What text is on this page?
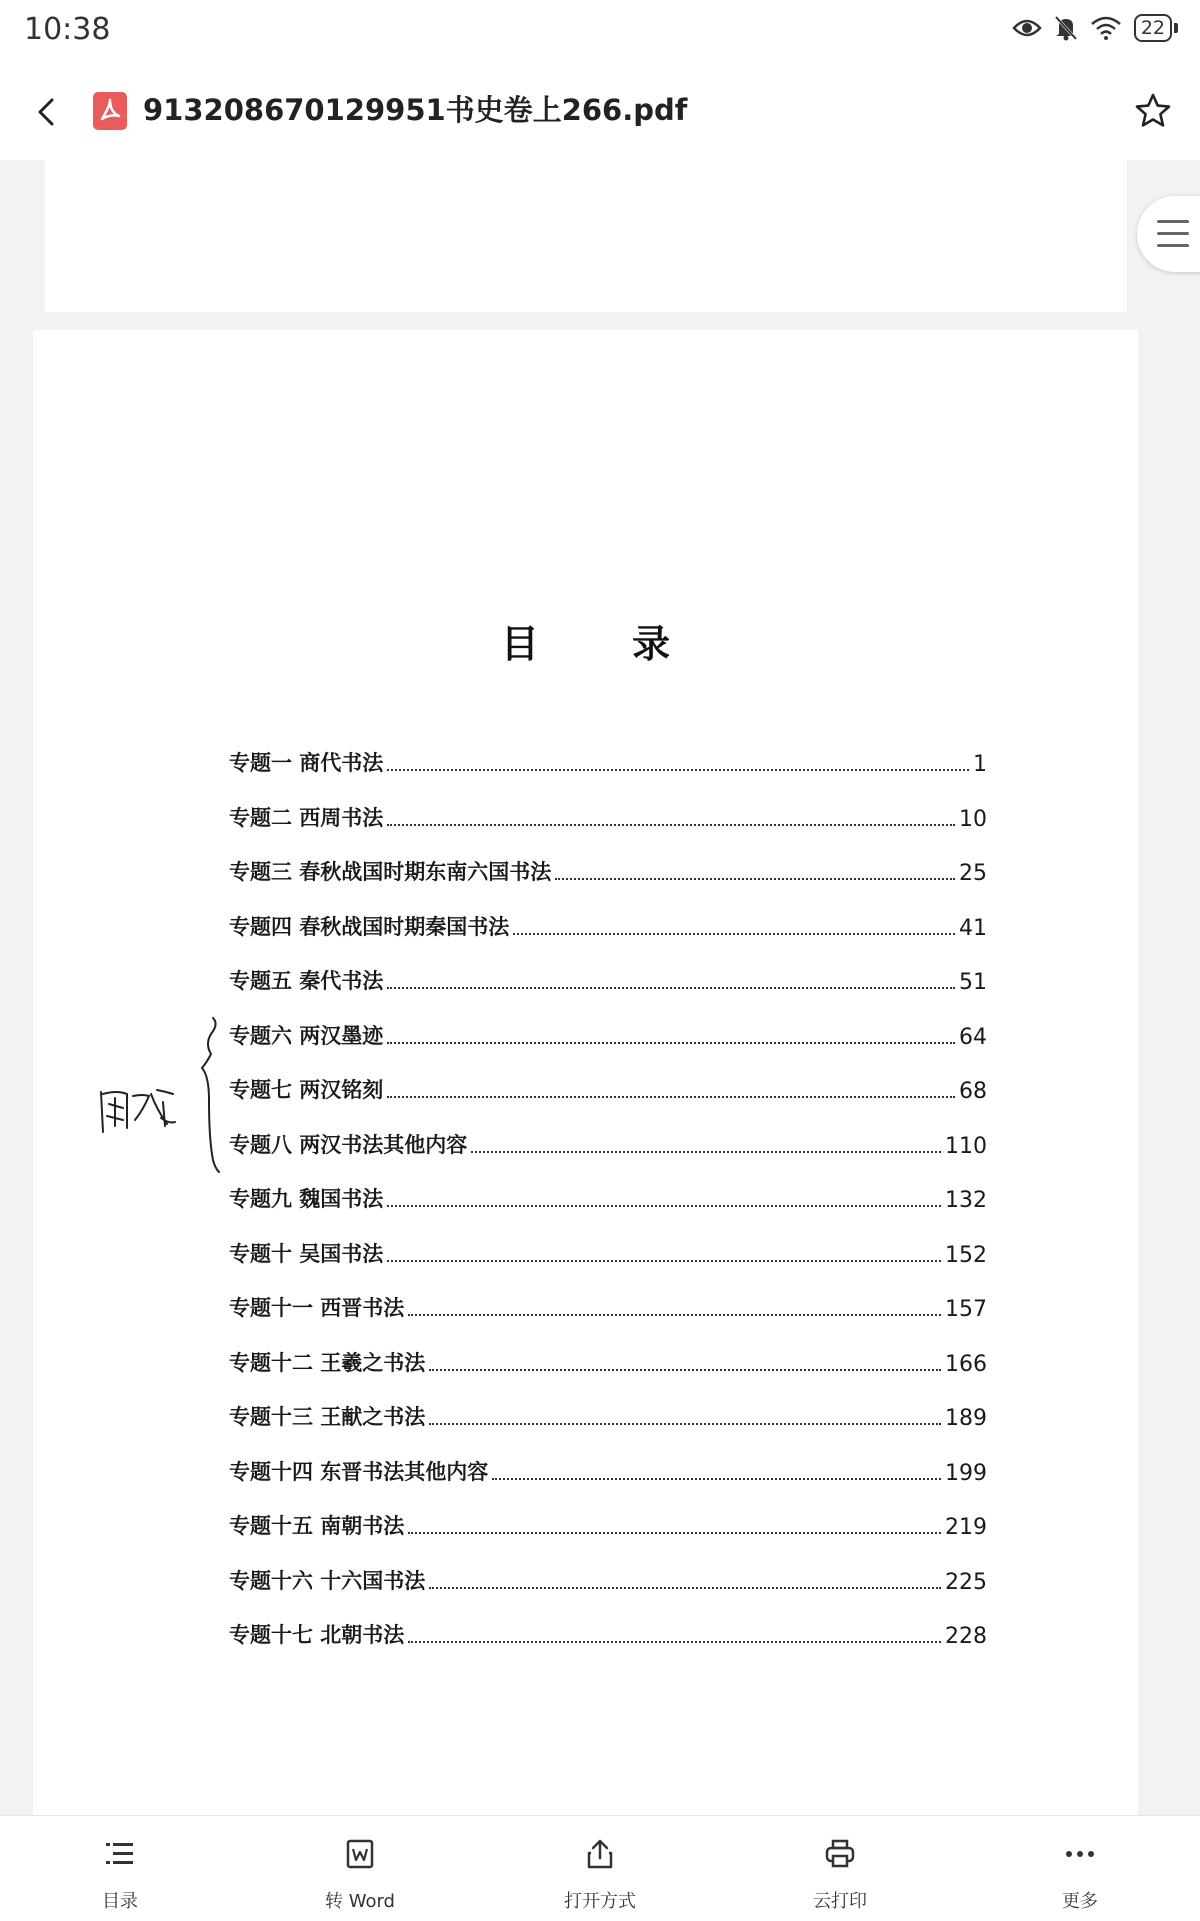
10:38	22
913208670129951书史卷上266.pdf
目 录
专题一 商代书法	1
专题二 西周书法	10
专题三 春秋战国时期东南六国书法	25
专题四 春秋战国时期秦国书法	41
专题五 秦代书法	51
专题六 两汉墨迹	64
专题七 两汉铭刻	68
专题八 两汉书法其他内容	110
专题九 魏国书法	132
专题十 吴国书法	152
专题十一 西晋书法	157
专题十二 王羲之书法	166
专题十三 王献之书法	189
专题十四 东晋书法其他内容	199
专题十五 南朝书法	219
专题十六 十六国书法	225
专题十七 北朝书法	228
目录	转 Word	打开方式	云打印	更多
